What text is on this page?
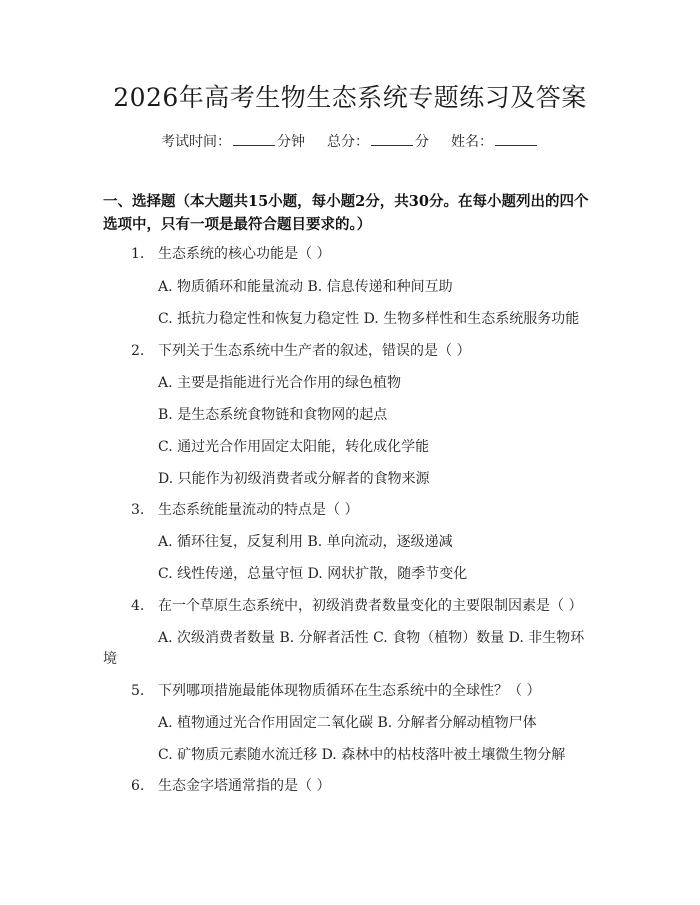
2026年高考生物生态系统专题练习及答案
考试时间：	分钟 总分：	分 姓名：
一、选择题（本大题共15小题，每小题2分，共30分。在每小题列出的四个选项中，只有一项是最符合题目要求的。）
1. 生态系统的核心功能是（ ）
A. 物质循环和能量流动 B. 信息传递和种间互助
C. 抵抗力稳定性和恢复力稳定性 D. 生物多样性和生态系统服务功能
2. 下列关于生态系统中生产者的叙述，错误的是（ ）
A. 主要是指能进行光合作用的绿色植物
B. 是生态系统食物链和食物网的起点
C. 通过光合作用固定太阳能，转化成化学能
D. 只能作为初级消费者或分解者的食物来源
3. 生态系统能量流动的特点是（ ）
A. 循环往复，反复利用 B. 单向流动，逐级递减
C. 线性传递，总量守恒 D. 网状扩散，随季节变化
4. 在一个草原生态系统中，初级消费者数量变化的主要限制因素是（ ）
A. 次级消费者数量 B. 分解者活性 C. 食物（植物）数量 D. 非生物环
境
5. 下列哪项措施最能体现物质循环在生态系统中的全球性？（ ）
A. 植物通过光合作用固定二氧化碳 B. 分解者分解动植物尸体
C. 矿物质元素随水流迁移 D. 森林中的枯枝落叶被土壤微生物分解
6. 生态金字塔通常指的是（ ）
